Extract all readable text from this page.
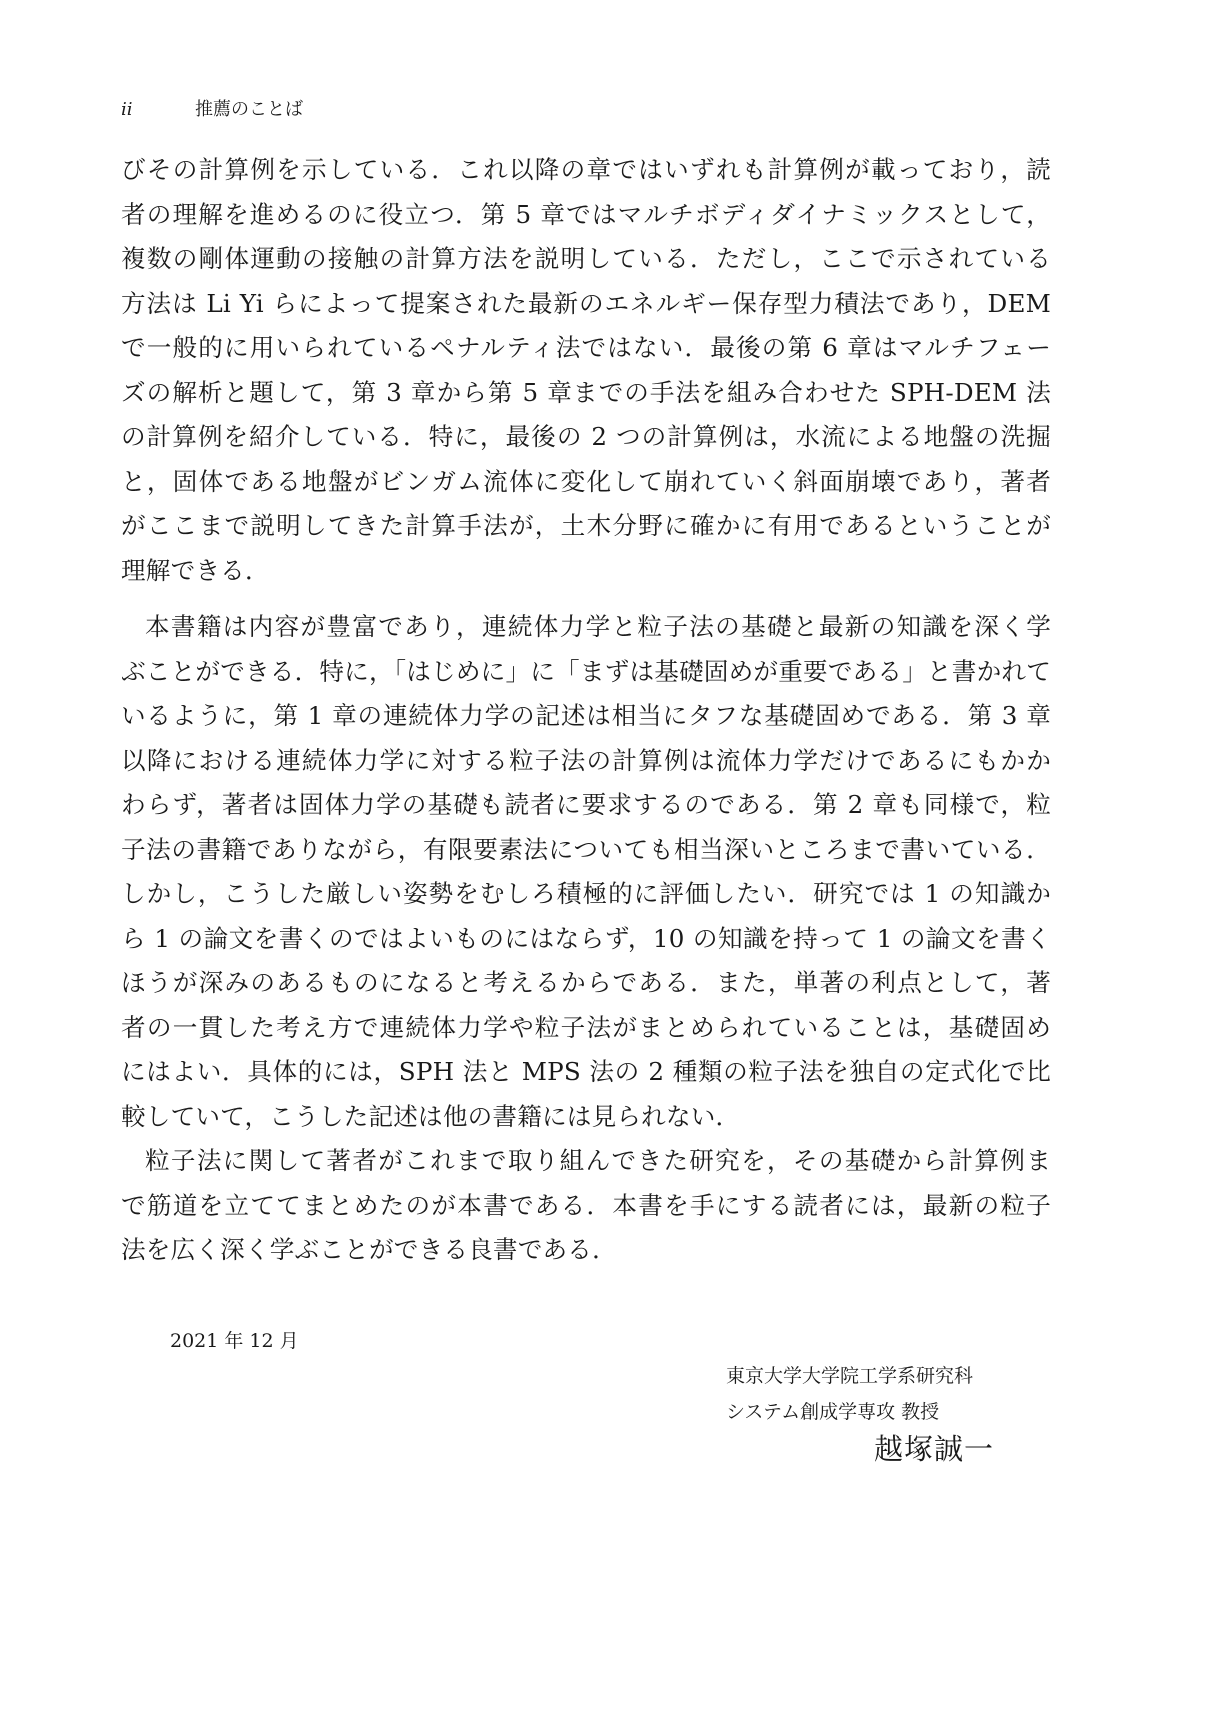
ii	推薦のことば
びその計算例を示している．これ以降の章ではいずれも計算例が載っており，読
者の理解を進めるのに役立つ．第 5 章ではマルチボディダイナミックスとして，
複数の剛体運動の接触の計算方法を説明している．ただし，ここで示されている
方法は Li Yi らによって提案された最新のエネルギー保存型力積法であり，DEM
で一般的に用いられているペナルティ法ではない．最後の第 6 章はマルチフェー
ズの解析と題して，第 3 章から第 5 章までの手法を組み合わせた SPH-DEM 法
の計算例を紹介している．特に，最後の 2 つの計算例は，水流による地盤の洗掘
と，固体である地盤がビンガム流体に変化して崩れていく斜面崩壊であり，著者
がここまで説明してきた計算手法が，土木分野に確かに有用であるということが
理解できる．
本書籍は内容が豊富であり，連続体力学と粒子法の基礎と最新の知識を深く学
ぶことができる．特に，「はじめに」に「まずは基礎固めが重要である」と書かれて
いるように，第 1 章の連続体力学の記述は相当にタフな基礎固めである．第 3 章
以降における連続体力学に対する粒子法の計算例は流体力学だけであるにもかか
わらず，著者は固体力学の基礎も読者に要求するのである．第 2 章も同様で，粒
子法の書籍でありながら，有限要素法についても相当深いところまで書いている．
しかし，こうした厳しい姿勢をむしろ積極的に評価したい．研究では 1 の知識か
ら 1 の論文を書くのではよいものにはならず，10 の知識を持って 1 の論文を書く
ほうが深みのあるものになると考えるからである．また，単著の利点として，著
者の一貫した考え方で連続体力学や粒子法がまとめられていることは，基礎固め
にはよい．具体的には，SPH 法と MPS 法の 2 種類の粒子法を独自の定式化で比
較していて，こうした記述は他の書籍には見られない．
粒子法に関して著者がこれまで取り組んできた研究を，その基礎から計算例ま
で筋道を立ててまとめたのが本書である．本書を手にする読者には，最新の粒子
法を広く深く学ぶことができる良書である．
2021 年 12 月
東京大学大学院工学系研究科
システム創成学専攻 教授
越塚誠一
